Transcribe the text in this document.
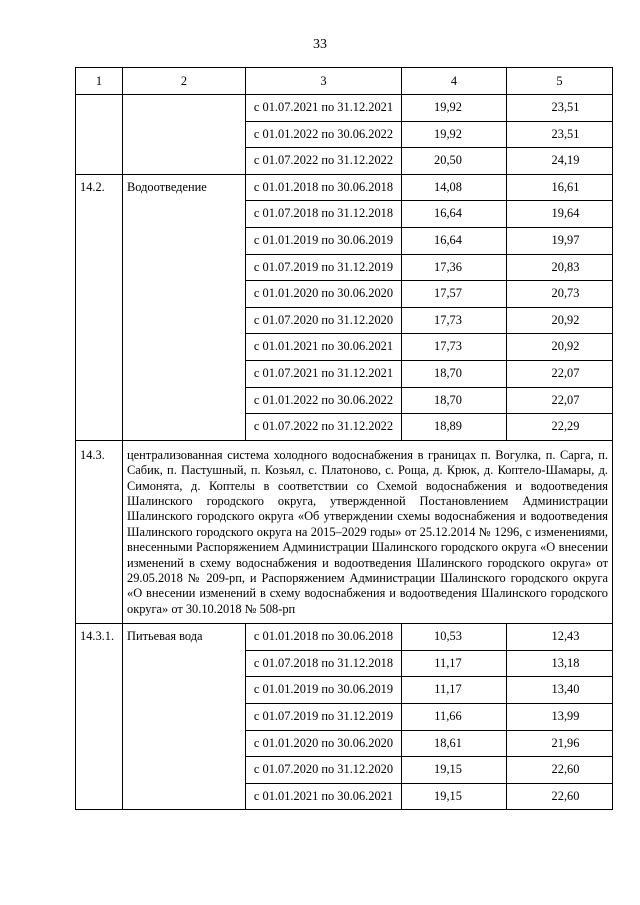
33
1	2	3	4	5
		с 01.07.2021 по 31.12.2021	19,92	23,51
		с 01.01.2022 по 30.06.2022	19,92	23,51
		с 01.07.2022 по 31.12.2022	20,50	24,19
14.2.	Водоотведение	с 01.01.2018 по 30.06.2018	14,08	16,61
		с 01.07.2018 по 31.12.2018	16,64	19,64
		с 01.01.2019 по 30.06.2019	16,64	19,97
		с 01.07.2019 по 31.12.2019	17,36	20,83
		с 01.01.2020 по 30.06.2020	17,57	20,73
		с 01.07.2020 по 31.12.2020	17,73	20,92
		с 01.01.2021 по 30.06.2021	17,73	20,92
		с 01.07.2021 по 31.12.2021	18,70	22,07
		с 01.01.2022 по 30.06.2022	18,70	22,07
		с 01.07.2022 по 31.12.2022	18,89	22,29
14.3.	централизованная система холодного водоснабжения в границах п. Вогулка, п. Сарга, п. Сабик, п. Пастушный, п. Козьял, с. Платоново, с. Роща, д. Крюк, д. Коптело-Шамары, д. Симонята, д. Коптелы в соответствии со Схемой водоснабжения и водоотведения Шалинского городского округа, утвержденной Постановлением Администрации Шалинского городского округа «Об утверждении схемы водоснабжения и водоотведения Шалинского городского округа на 2015–2029 годы» от 25.12.2014 № 1296, с изменениями, внесенными Распоряжением Администрации Шалинского городского округа «О внесении изменений в схему водоснабжения и водоотведения Шалинского городского округа» от 29.05.2018 № 209-рп, и Распоряжением Администрации Шалинского городского округа «О внесении изменений в схему водоснабжения и водоотведения Шалинского городского округа» от 30.10.2018 № 508-рп			
14.3.1.	Питьевая вода	с 01.01.2018 по 30.06.2018	10,53	12,43
		с 01.07.2018 по 31.12.2018	11,17	13,18
		с 01.01.2019 по 30.06.2019	11,17	13,40
		с 01.07.2019 по 31.12.2019	11,66	13,99
		с 01.01.2020 по 30.06.2020	18,61	21,96
		с 01.07.2020 по 31.12.2020	19,15	22,60
		с 01.01.2021 по 30.06.2021	19,15	22,60
